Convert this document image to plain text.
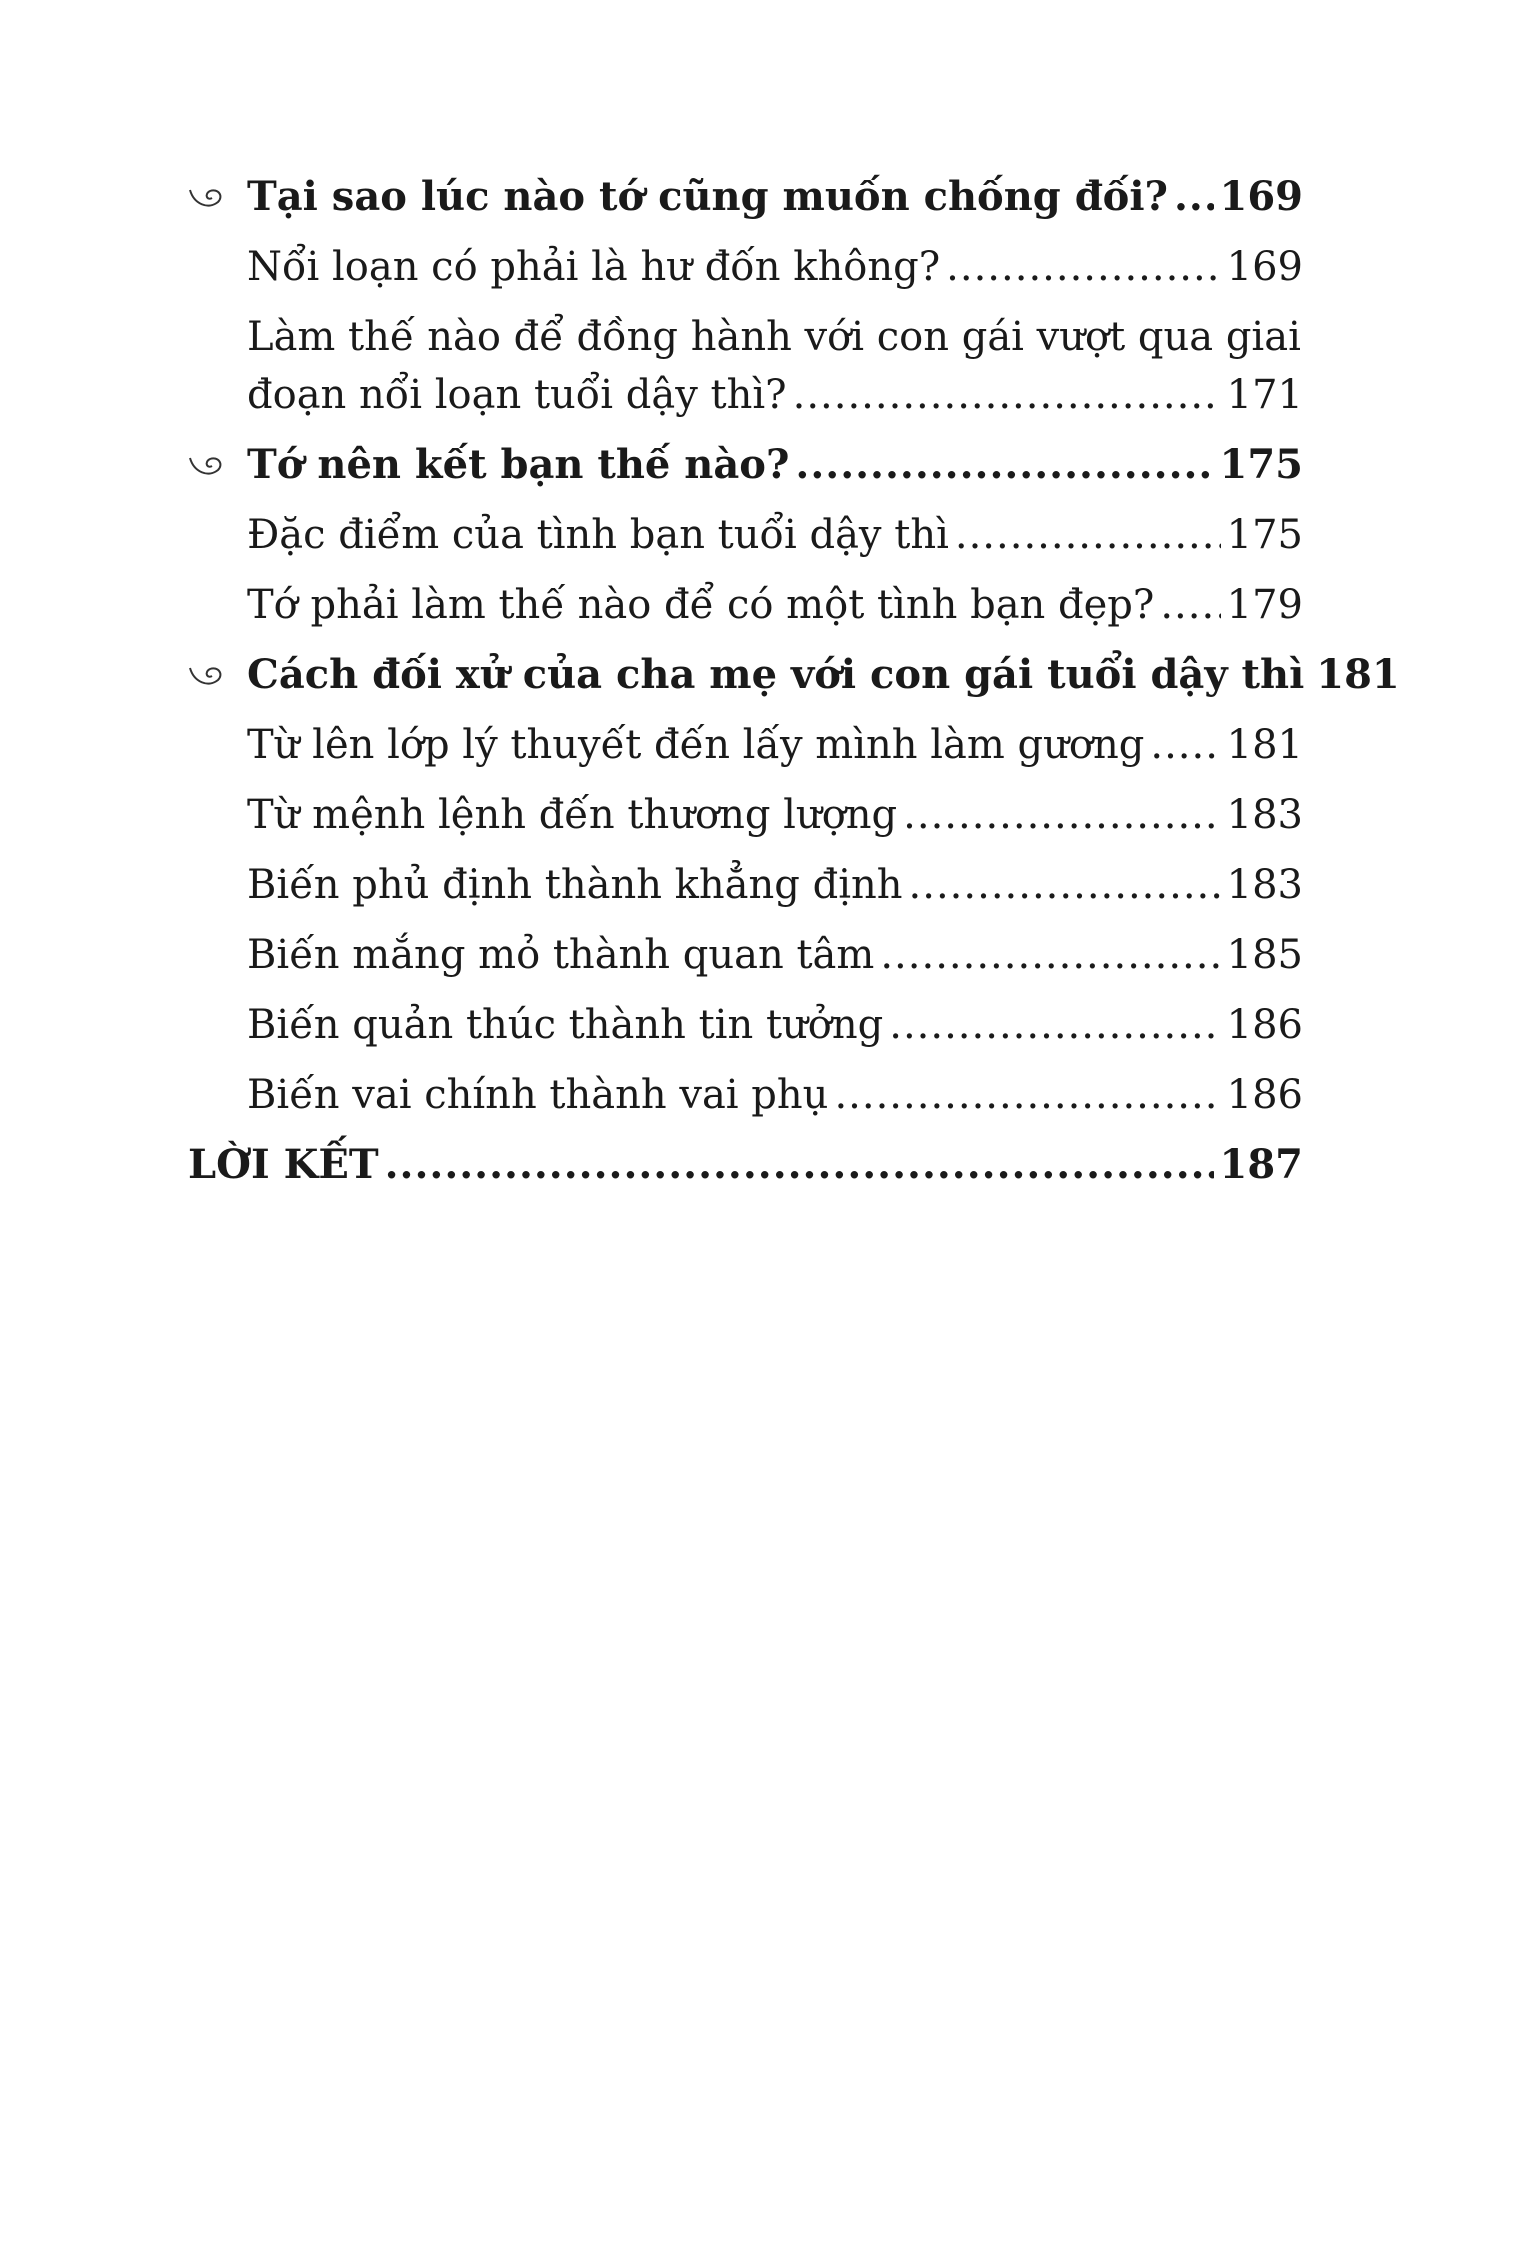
Tại sao lúc nào tớ cũng muốn chống đối? ..... 169
Nổi loạn có phải là hư đốn không? .....	169
Làm thế nào để đồng hành với con gái vượt qua giai
đoạn nổi loạn tuổi dậy thì? .....	171
Tớ nên kết bạn thế nào? .....	175
Đặc điểm của tình bạn tuổi dậy thì .....	175
Tớ phải làm thế nào để có một tình bạn đẹp? ..... 179
Cách đối xử của cha mẹ với con gái tuổi dậy thì 181
Từ lên lớp lý thuyết đến lấy mình làm gương ..... 181
Từ mệnh lệnh đến thương lượng .....	183
Biến phủ định thành khẳng định .....	183
Biến mắng mỏ thành quan tâm .....	185
Biến quản thúc thành tin tưởng .....	186
Biến vai chính thành vai phụ .....	186
LỜI KẾT .....	187
